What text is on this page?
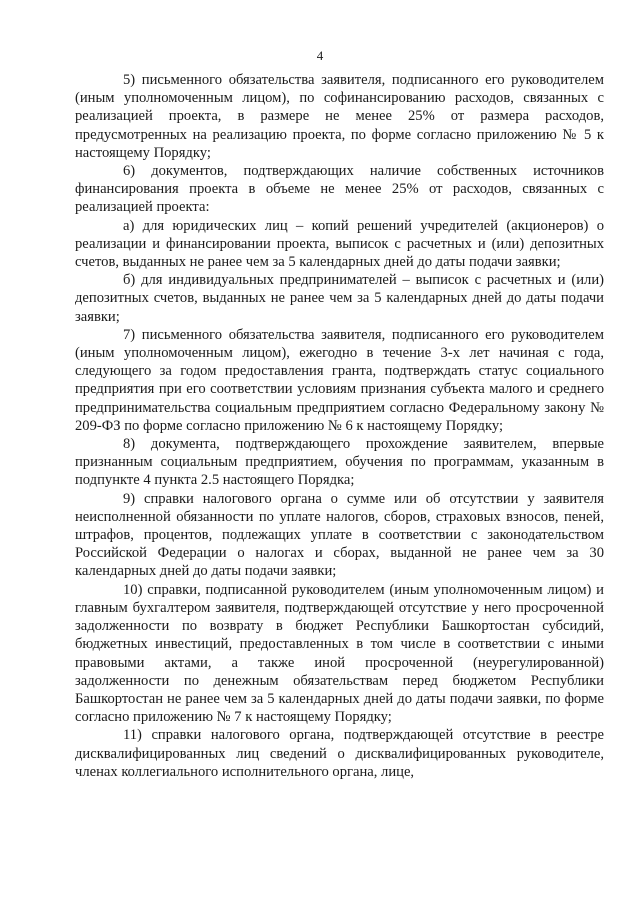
4

5) письменного обязательства заявителя, подписанного его руководителем (иным уполномоченным лицом), по софинансированию расходов, связанных с реализацией проекта, в размере не менее 25% от размера расходов, предусмотренных на реализацию проекта, по форме согласно приложению № 5 к настоящему Порядку;

6) документов, подтверждающих наличие собственных источников финансирования проекта в объеме не менее 25% от расходов, связанных с реализацией проекта:

а) для юридических лиц – копий решений учредителей (акционеров) о реализации и финансировании проекта, выписок с расчетных и (или) депозитных счетов, выданных не ранее чем за 5 календарных дней до даты подачи заявки;

б) для индивидуальных предпринимателей – выписок с расчетных и (или) депозитных счетов, выданных не ранее чем за 5 календарных дней до даты подачи заявки;

7) письменного обязательства заявителя, подписанного его руководителем (иным уполномоченным лицом), ежегодно в течение 3-х лет начиная с года, следующего за годом предоставления гранта, подтверждать статус социального предприятия при его соответствии условиям признания субъекта малого и среднего предпринимательства социальным предприятием согласно Федеральному закону № 209-ФЗ по форме согласно приложению № 6 к настоящему Порядку;

8) документа, подтверждающего прохождение заявителем, впервые признанным социальным предприятием, обучения по программам, указанным в подпункте 4 пункта 2.5 настоящего Порядка;

9) справки налогового органа о сумме или об отсутствии у заявителя неисполненной обязанности по уплате налогов, сборов, страховых взносов, пеней, штрафов, процентов, подлежащих уплате в соответствии с законодательством Российской Федерации о налогах и сборах, выданной не ранее чем за 30 календарных дней до даты подачи заявки;

10) справки, подписанной руководителем (иным уполномоченным лицом) и главным бухгалтером заявителя, подтверждающей отсутствие у него просроченной задолженности по возврату в бюджет Республики Башкортостан субсидий, бюджетных инвестиций, предоставленных в том числе в соответствии с иными правовыми актами, а также иной просроченной (неурегулированной) задолженности по денежным обязательствам перед бюджетом Республики Башкортостан не ранее чем за 5 календарных дней до даты подачи заявки, по форме согласно приложению № 7 к настоящему Порядку;

11) справки налогового органа, подтверждающей отсутствие в реестре дисквалифицированных лиц сведений о дисквалифицированных руководителе, членах коллегиального исполнительного органа, лице,
